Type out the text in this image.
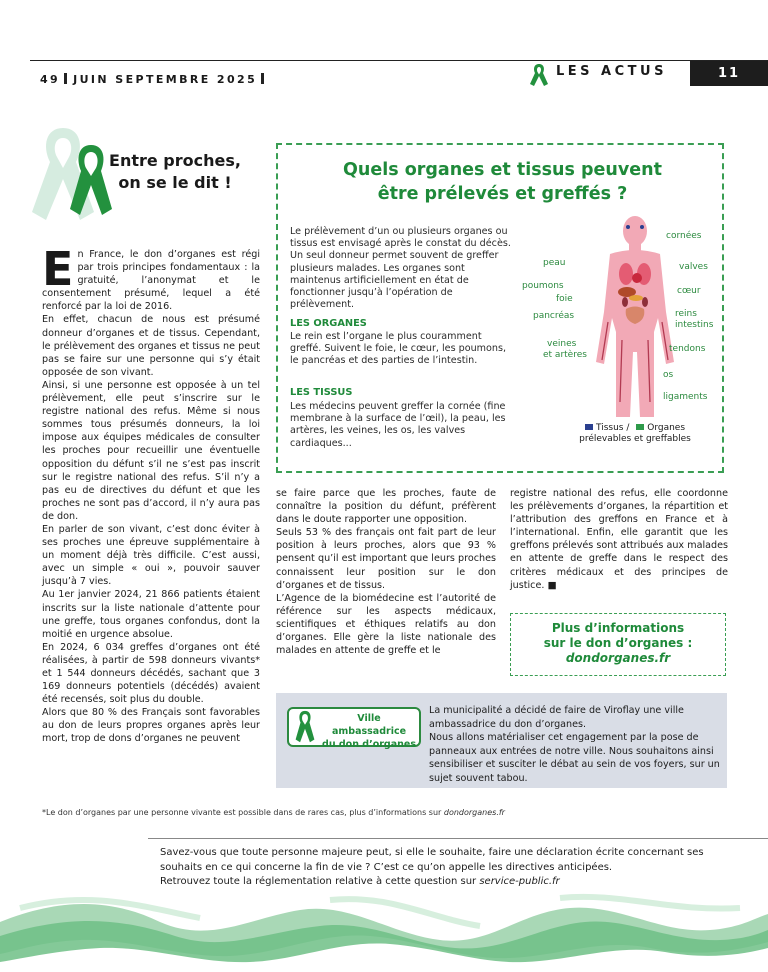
49 JUIN SEPTEMBRE 2025
LES ACTUS	11
Entre proches,
on se le dit !

En France, le don d’organes est régi par trois principes fondamentaux : la gratuité, l’anonymat et le consentement présumé, lequel a été renforcé par la loi de 2016.

En effet, chacun de nous est présumé donneur d’organes et de tissus. Cependant, le prélèvement des organes et tissus ne peut pas se faire sur une personne qui s’y était opposée de son vivant.

Ainsi, si une personne est opposée à un tel prélèvement, elle peut s’inscrire sur le registre national des refus. Même si nous sommes tous présumés donneurs, la loi impose aux équipes médicales de consulter les proches pour recueillir une éventuelle opposition du défunt s’il ne s’est pas inscrit sur le registre national des refus. S’il n’y a pas eu de directives du défunt et que les proches ne sont pas d’accord, il n’y aura pas de don.

En parler de son vivant, c’est donc éviter à ses proches une épreuve supplémentaire à un moment déjà très difficile. C’est aussi, avec un simple « oui », pouvoir sauver jusqu’à 7 vies.

Au 1er janvier 2024, 21 866 patients étaient inscrits sur la liste nationale d’attente pour une greffe, tous organes confondus, dont la moitié en urgence absolue.

En 2024, 6 034 greffes d’organes ont été réalisées, à partir de 598 donneurs vivants* et 1 544 donneurs décédés, sachant que 3 169 donneurs potentiels (décédés) avaient été recensés, soit plus du double.

Alors que 80 % des Français sont favorables au don de leurs propres organes après leur mort, trop de dons d’organes ne peuvent

Quels organes et tissus peuvent
être prélevés et greffés ?

Le prélèvement d’un ou plusieurs organes ou tissus est envisagé après le constat du décès. Un seul donneur permet souvent de greffer plusieurs malades. Les organes sont maintenus artificiellement en état de fonctionner jusqu’à l’opération de prélèvement.

LES ORGANES

Le rein est l’organe le plus couramment greffé. Suivent le foie, le cœur, les poumons, le pancréas et des parties de l’intestin.

LES TISSUS

Les médecins peuvent greffer la cornée (fine membrane à la surface de l’œil), la peau, les artères, les veines, les os, les valves cardiaques...

cornées
peau	valves
poumons	cœur
foie
reins
pancréas
intestins
veines
et artères
tendons
os
ligaments
Tissus / Organes
prélevables et greffables

se faire parce que les proches, faute de connaître la position du défunt, préfèrent dans le doute rapporter une opposition.

Seuls 53 % des français ont fait part de leur position à leurs proches, alors que 93 % pensent qu’il est important que leurs proches connaissent leur position sur le don d’organes et de tissus.

L’Agence de la biomédecine est l’autorité de référence sur les aspects médicaux, scientifiques et éthiques relatifs au don d’organes. Elle gère la liste nationale des malades en attente de greffe et le

registre national des refus, elle coordonne les prélèvements d’organes, la répartition et l’attribution des greffons en France et à l’international. Enfin, elle garantit que les greffons prélevés sont attribués aux malades en attente de greffe dans le respect des critères médicaux et des principes de justice. ■

Plus d’informations
sur le don d’organes :
dondorganes.fr
Ville ambassadrice
du don d’organes

La municipalité a décidé de faire de Viroflay une ville ambassadrice du don d’organes.

Nous allons matérialiser cet engagement par la pose de panneaux aux entrées de notre ville. Nous souhaitons ainsi sensibiliser et susciter le débat au sein de vos foyers, sur un sujet souvent tabou.

*Le don d’organes par une personne vivante est possible dans de rares cas, plus d’informations sur dondorganes.fr

Savez-vous que toute personne majeure peut, si elle le souhaite, faire une déclaration écrite concernant ses souhaits en ce qui concerne la fin de vie ? C’est ce qu’on appelle les directives anticipées.

Retrouvez toute la réglementation relative à cette question sur service-public.fr
